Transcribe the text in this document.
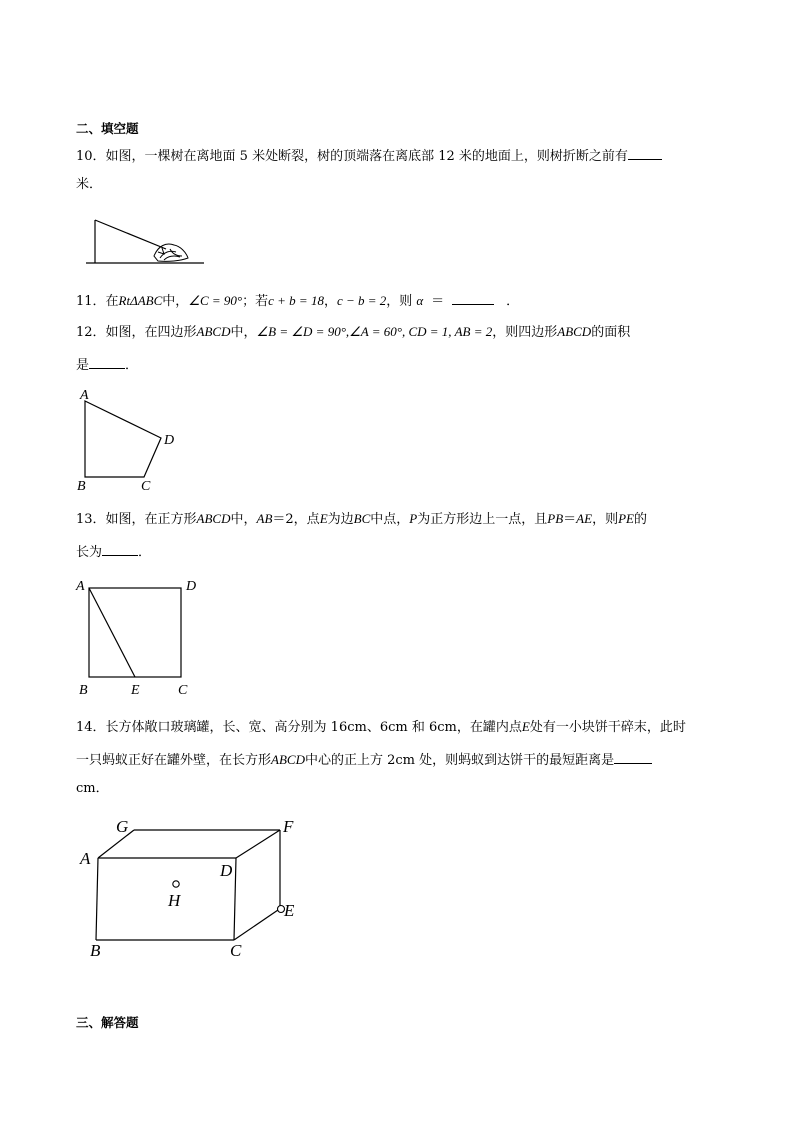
二、填空题
10．如图，一棵树在离地面 5 米处断裂，树的顶端落在离底部 12 米的地面上，则树折断之前有
米．
11．在RtΔABC中，∠C = 90°；若c + b = 18，c − b = 2，则 α ＝	．
12．如图，在四边形ABCD中，∠B = ∠D = 90°,∠A = 60°, CD = 1, AB = 2，则四边形ABCD的面积
是	．
A
D
C
B
13．如图，在正方形ABCD中，AB＝2，点E为边BC中点，P为正方形边上一点，且PB＝AE，则PE的
长为	．
A	D
B	E	C
14．长方体敞口玻璃罐，长、宽、高分别为 16cm、6cm 和 6cm，在罐内点E处有一小块饼干碎末，此时
一只蚂蚁正好在罐外壁，在长方形ABCD中心的正上方 2cm 处，则蚂蚁到达饼干的最短距离是
cm．
A
G	F
D
E
H
B	C
三、解答题
